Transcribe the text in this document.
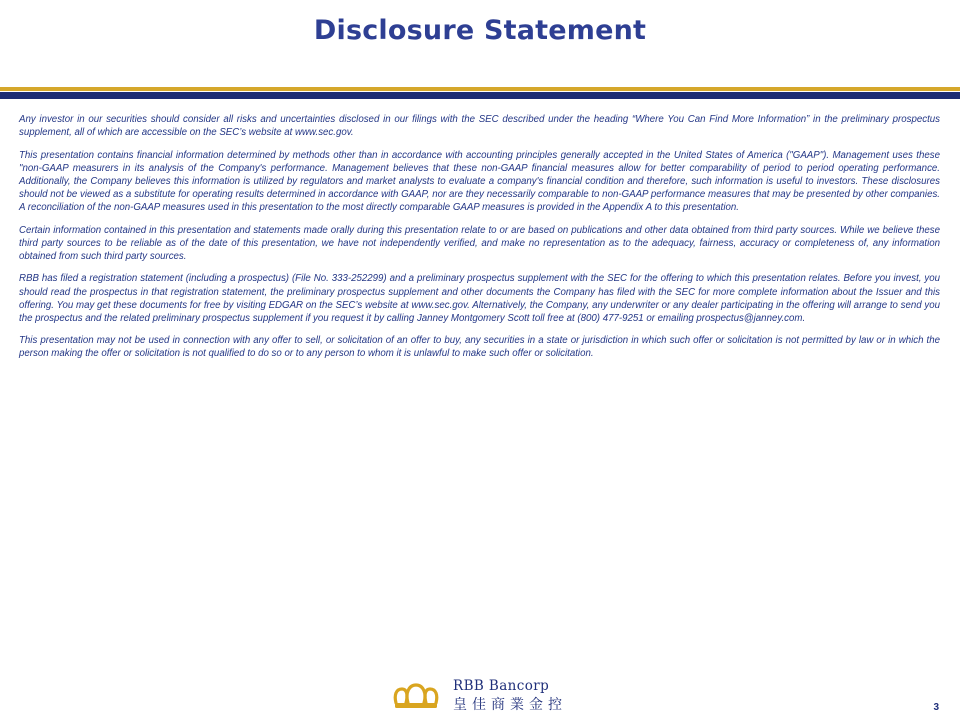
Disclosure Statement

Any investor in our securities should consider all risks and uncertainties disclosed in our filings with the SEC described under the heading “Where You Can Find More Information” in the preliminary prospectus supplement, all of which are accessible on the SEC’s website at www.sec.gov.

This presentation contains financial information determined by methods other than in accordance with accounting principles generally accepted in the United States of America ("GAAP"). Management uses these "non-GAAP measurers in its analysis of the Company's performance. Management believes that these non-GAAP financial measures allow for better comparability of period to period operating performance. Additionally, the Company believes this information is utilized by regulators and market analysts to evaluate a company's financial condition and therefore, such information is useful to investors. These disclosures should not be viewed as a substitute for operating results determined in accordance with GAAP, nor are they necessarily comparable to non-GAAP performance measures that may be presented by other companies. A reconciliation of the non-GAAP measures used in this presentation to the most directly comparable GAAP measures is provided in the Appendix A to this presentation.

Certain information contained in this presentation and statements made orally during this presentation relate to or are based on publications and other data obtained from third party sources. While we believe these third party sources to be reliable as of the date of this presentation, we have not independently verified, and make no representation as to the adequacy, fairness, accuracy or completeness of, any information obtained from such third party sources.

RBB has filed a registration statement (including a prospectus) (File No. 333-252299) and a preliminary prospectus supplement with the SEC for the offering to which this presentation relates. Before you invest, you should read the prospectus in that registration statement, the preliminary prospectus supplement and other documents the Company has filed with the SEC for more complete information about the Issuer and this offering. You may get these documents for free by visiting EDGAR on the SEC’s website at www.sec.gov. Alternatively, the Company, any underwriter or any dealer participating in the offering will arrange to send you the prospectus and the related preliminary prospectus supplement if you request it by calling Janney Montgomery Scott toll free at (800) 477-9251 or emailing prospectus@janney.com.

This presentation may not be used in connection with any offer to sell, or solicitation of an offer to buy, any securities in a state or jurisdiction in which such offer or solicitation is not permitted by law or in which the person making the offer or solicitation is not qualified to do so or to any person to whom it is unlawful to make such offer or solicitation.

RBB Bancorp
皇佳商業金控	3
